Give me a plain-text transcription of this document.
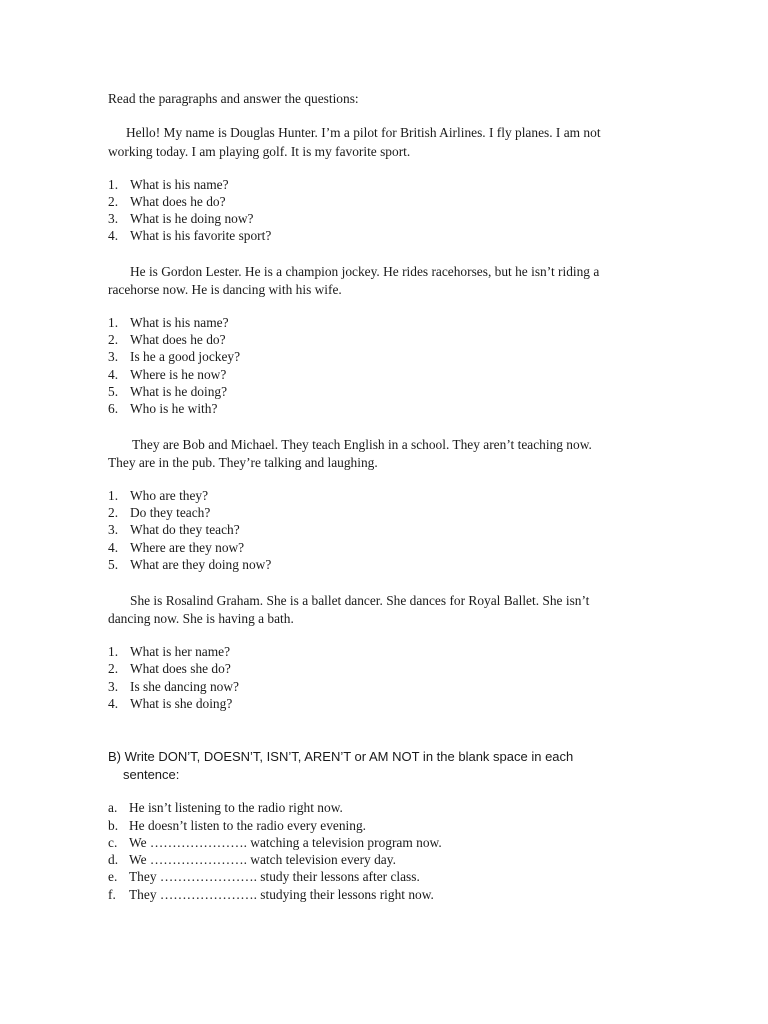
Read the paragraphs and answer the questions:
Hello! My name is Douglas Hunter. I’m a pilot for British Airlines. I fly planes. I am not
working today. I am playing golf. It is my favorite sport.
1. What is his name?
2. What does he do?
3. What is he doing now?
4. What is his favorite sport?
He is Gordon Lester. He is a champion jockey. He rides racehorses, but he isn’t riding a
racehorse now. He is dancing with his wife.
1. What is his name?
2. What does he do?
3. Is he a good jockey?
4. Where is he now?
5. What is he doing?
6. Who is he with?
They are Bob and Michael. They teach English in a school. They aren’t teaching now.
They are in the pub. They’re talking and laughing.
1. Who are they?
2. Do they teach?
3. What do they teach?
4. Where are they now?
5. What are they doing now?
She is Rosalind Graham. She is a ballet dancer. She dances for Royal Ballet. She isn’t
dancing now. She is having a bath.
1. What is her name?
2. What does she do?
3. Is she dancing now?
4. What is she doing?
B) Write DON’T, DOESN’T, ISN’T, AREN’T or AM NOT in the blank space in each
sentence:
a. He isn’t listening to the radio right now.
b. He doesn’t listen to the radio every evening.
c. We …………………. watching a television program now.
d. We …………………. watch television every day.
e. They …………………. study their lessons after class.
f. They …………………. studying their lessons right now.
